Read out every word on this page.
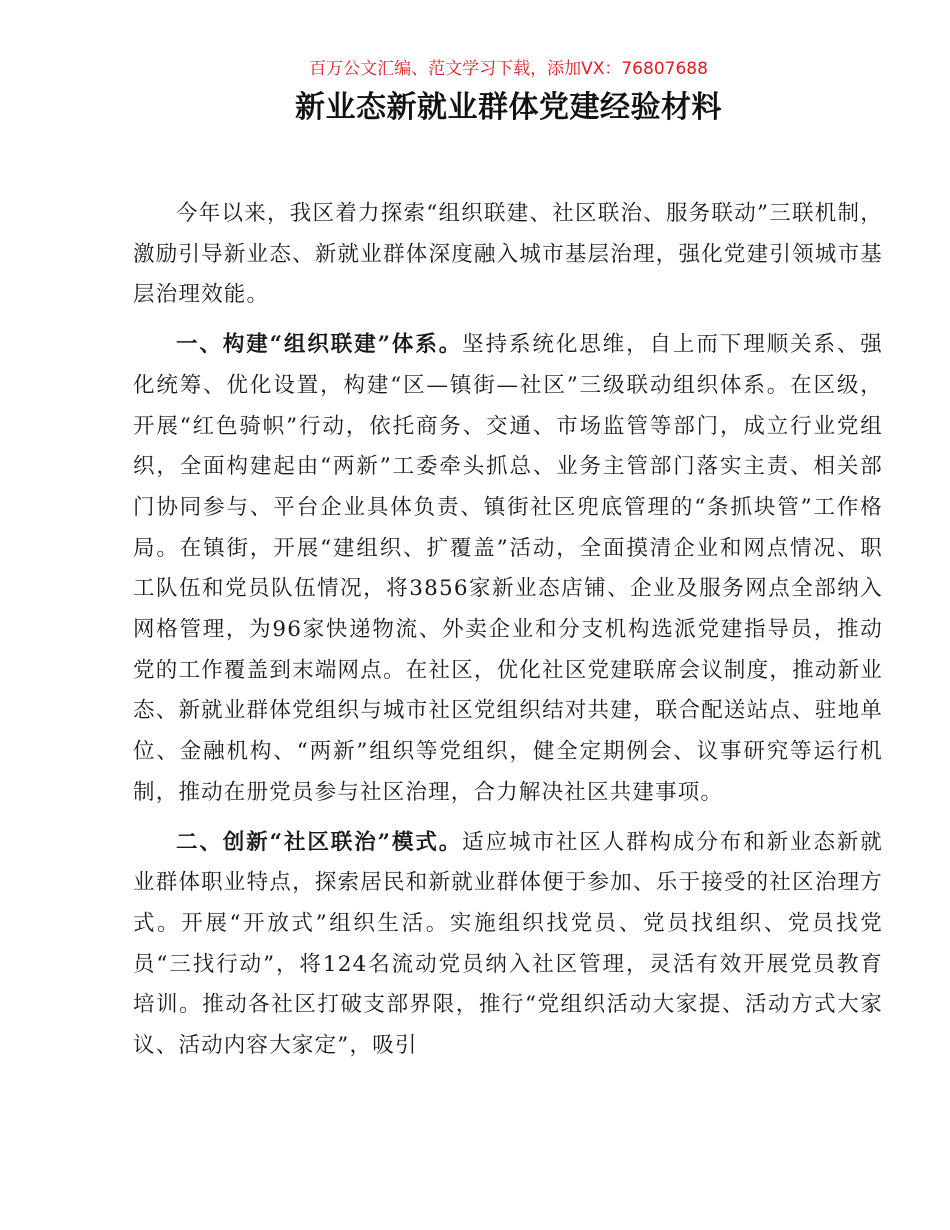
百万公文汇编、范文学习下载，添加VX：76807688
新业态新就业群体党建经验材料

今年以来，我区着力探索“组织联建、社区联治、服务联动”三联机制，激励引导新业态、新就业群体深度融入城市基层治理，强化党建引领城市基层治理效能。

一、构建“组织联建”体系。坚持系统化思维，自上而下理顺关系、强化统筹、优化设置，构建“区—镇街—社区”三级联动组织体系。在区级，开展“红色骑帜”行动，依托商务、交通、市场监管等部门，成立行业党组织，全面构建起由“两新”工委牵头抓总、业务主管部门落实主责、相关部门协同参与、平台企业具体负责、镇街社区兜底管理的“条抓块管”工作格局。在镇街，开展“建组织、扩覆盖”活动，全面摸清企业和网点情况、职工队伍和党员队伍情况，将3856家新业态店铺、企业及服务网点全部纳入网格管理，为96家快递物流、外卖企业和分支机构选派党建指导员，推动党的工作覆盖到末端网点。在社区，优化社区党建联席会议制度，推动新业态、新就业群体党组织与城市社区党组织结对共建，联合配送站点、驻地单位、金融机构、“两新”组织等党组织，健全定期例会、议事研究等运行机制，推动在册党员参与社区治理，合力解决社区共建事项。

二、创新“社区联治”模式。适应城市社区人群构成分布和新业态新就业群体职业特点，探索居民和新就业群体便于参加、乐于接受的社区治理方式。开展“开放式”组织生活。实施组织找党员、党员找组织、党员找党员“三找行动”，将124名流动党员纳入社区管理，灵活有效开展党员教育培训。推动各社区打破支部界限，推行“党组织活动大家提、活动方式大家议、活动内容大家定”，吸引
